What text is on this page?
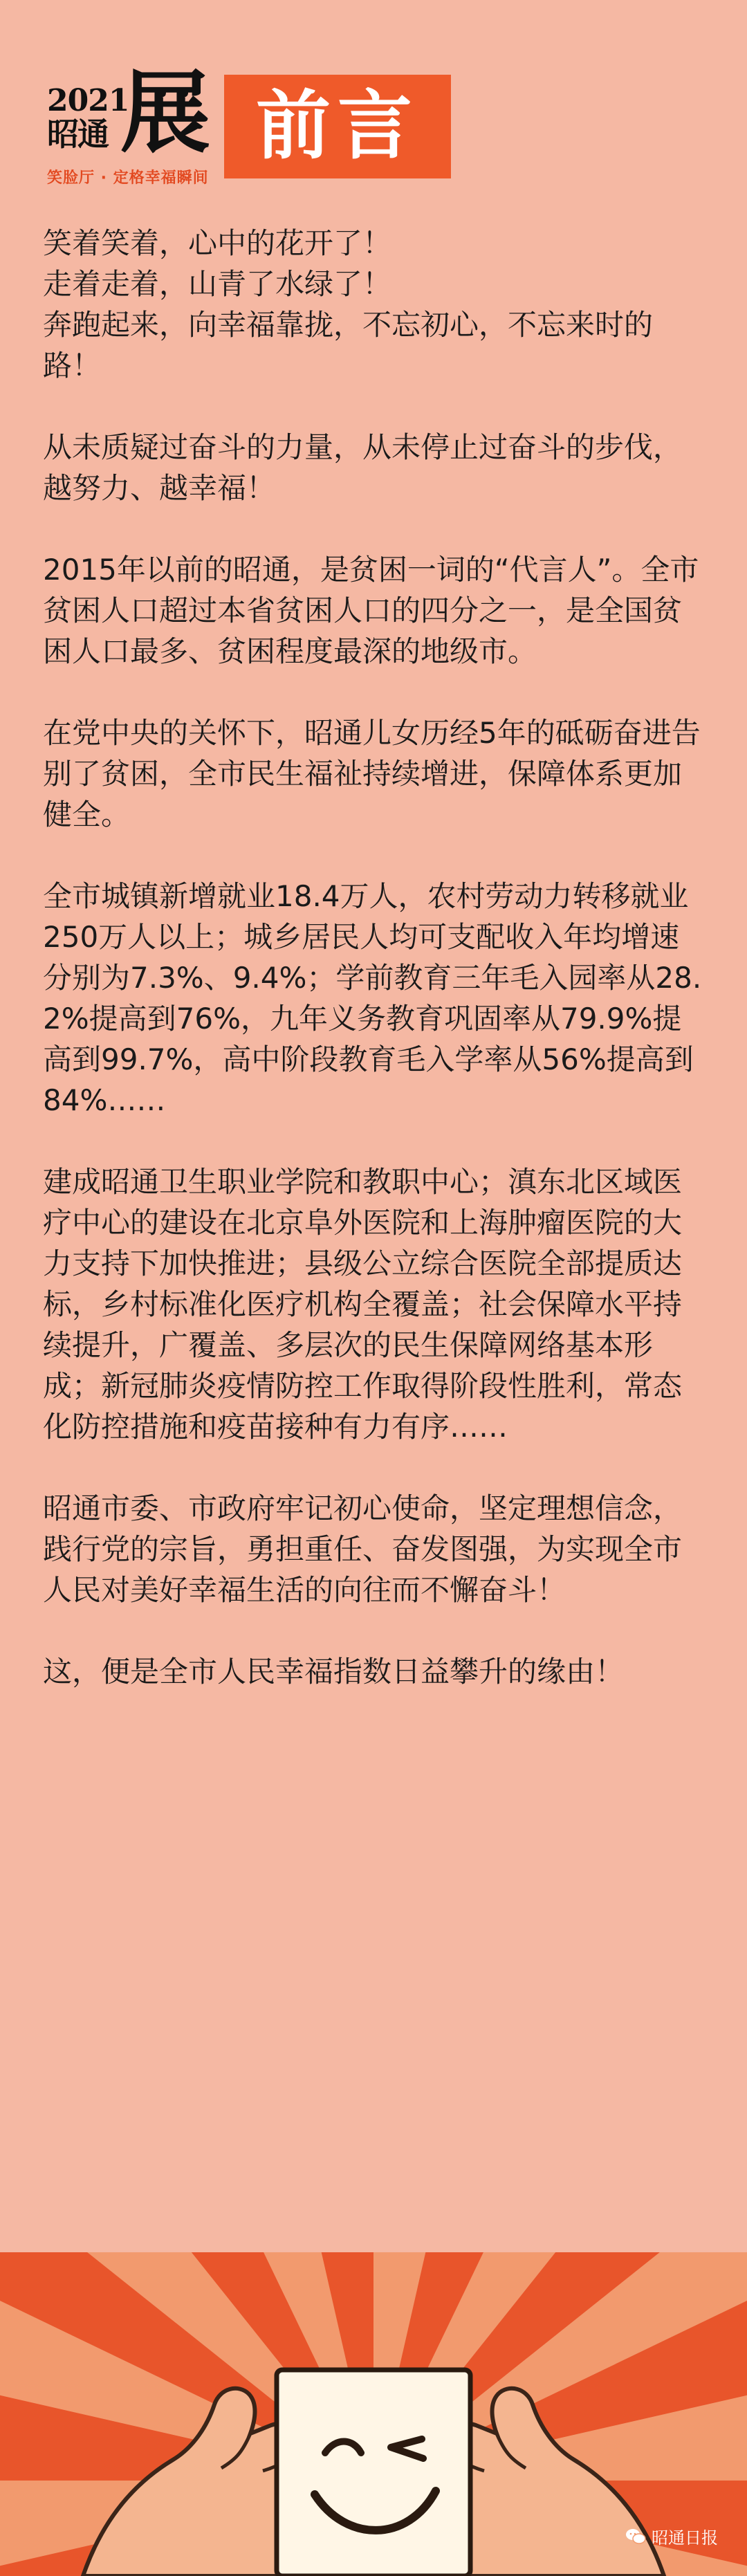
2021
昭通 展 前言
笑脸厅 · 定格幸福瞬间

笑着笑着，心中的花开了！
走着走着，山青了水绿了！
奔跑起来，向幸福靠拢，不忘初心，不忘来时的路！

从未质疑过奋斗的力量，从未停止过奋斗的步伐，越努力、越幸福！

2015年以前的昭通，是贫困一词的“代言人”。全市贫困人口超过本省贫困人口的四分之一，是全国贫困人口最多、贫困程度最深的地级市。

在党中央的关怀下，昭通儿女历经5年的砥砺奋进告别了贫困，全市民生福祉持续增进，保障体系更加健全。

全市城镇新增就业18.4万人，农村劳动力转移就业250万人以上；城乡居民人均可支配收入年均增速分别为7.3%、9.4%；学前教育三年毛入园率从28.2%提高到76%，九年义务教育巩固率从79.9%提高到99.7%，高中阶段教育毛入学率从56%提高到84%……

建成昭通卫生职业学院和教职中心；滇东北区域医疗中心的建设在北京阜外医院和上海肿瘤医院的大力支持下加快推进；县级公立综合医院全部提质达标，乡村标准化医疗机构全覆盖；社会保障水平持续提升，广覆盖、多层次的民生保障网络基本形成；新冠肺炎疫情防控工作取得阶段性胜利，常态化防控措施和疫苗接种有力有序……

昭通市委、市政府牢记初心使命，坚定理想信念，践行党的宗旨，勇担重任、奋发图强，为实现全市人民对美好幸福生活的向往而不懈奋斗！

这，便是全市人民幸福指数日益攀升的缘由！

昭通日报
